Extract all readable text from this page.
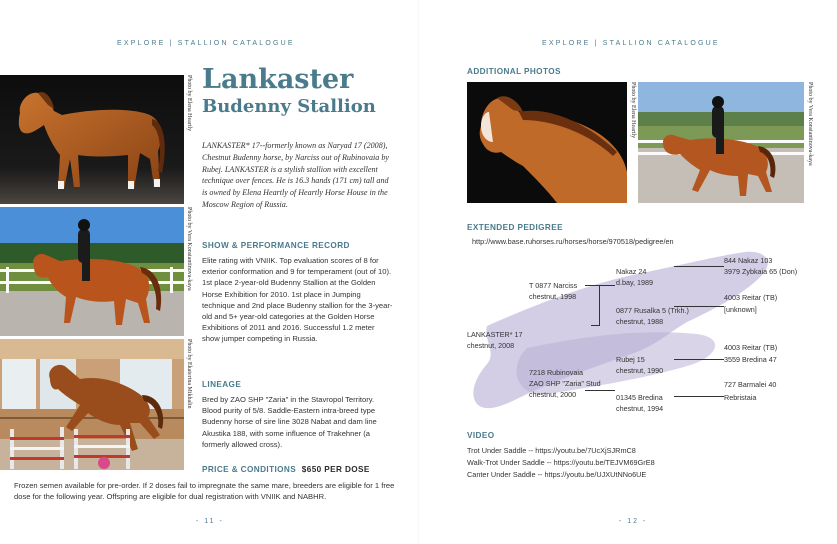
EXPLORE | STALLION CATALOGUE
Photo by Elena Heartly
Photo by Vera Konstantinova-kaya
Photo by Ekaterina Mikhalin
Lankaster
Budenny Stallion
LANKASTER* 17--formerly known as Naryad 17 (2008), Chestnut Budenny horse, by Narciss out of Rubinovaia by Rubej. LANKASTER is a stylish stallion with excellent technique over fences. He is 16.3 hands (171 cm) tall and is owned by Elena Heartly of Heartly Horse House in the Moscow Region of Russia.
SHOW & PERFORMANCE RECORD
Elite rating with VNIIK. Top evaluation scores of 8 for exterior conformation and 9 for temperament (out of 10). 1st place 2-year-old Budenny Stallion at the Golden Horse Exhibition for 2010. 1st place in Jumping technique and 2nd place Budenny stallion for the 3-year-old and 5+ year-old categories at the Golden Horse Exhibitions of 2011 and 2016. Successful 1.2 meter show jumper competing in Russia.
LINEAGE
Bred by ZAO SHP "Zaria" in the Stavropol Territory. Blood purity of 5/8. Saddle-Eastern intra-breed type Budenny horse of sire line 3028 Nabat and dam line Akustika 188, with some influence of Trakehner (a formerly allowed cross).
PRICE & CONDITIONS $650 PER DOSE
Frozen semen available for pre-order. If 2 doses fail to impregnate the same mare, breeders are eligible for 1 free dose for the following year. Offspring are eligible for dual registration with VNIIK and NABHR.
- 11 -
EXPLORE | STALLION CATALOGUE
ADDITIONAL PHOTOS
Photo by Elena Heartly	Photo by Vera Konstantinova-kaya
EXTENDED PEDIGREE
http://www.base.ruhorses.ru/horses/horse/970518/pedigree/en
LANKASTER* 17
chestnut, 2008
T 0877 Narciss
chestnut, 1998
7218 Rubinovaia
ZAO SHP "Zaria" Stud
chestnut, 2000
Nakaz 24
d.bay, 1989
0877 Rusalka 5 (Trkh.)
chestnut, 1988
Rubej 15
chestnut, 1990
01345 Bredina
chestnut, 1994
844 Nakaz 103
3979 Zybkaia 65 (Don)
4003 Reitar (TB)
[unknown]
4003 Reitar (TB)
3559 Bredina 47
727 Barmalei 40
Rebristaia
VIDEO
Trot Under Saddle -- https://youtu.be/7UcXjSJRmC8
Walk-Trot Under Saddle -- https://youtu.be/TEJVM69GrE8
Canter Under Saddle -- https://youtu.be/UJXUtNNo6UE
- 12 -
